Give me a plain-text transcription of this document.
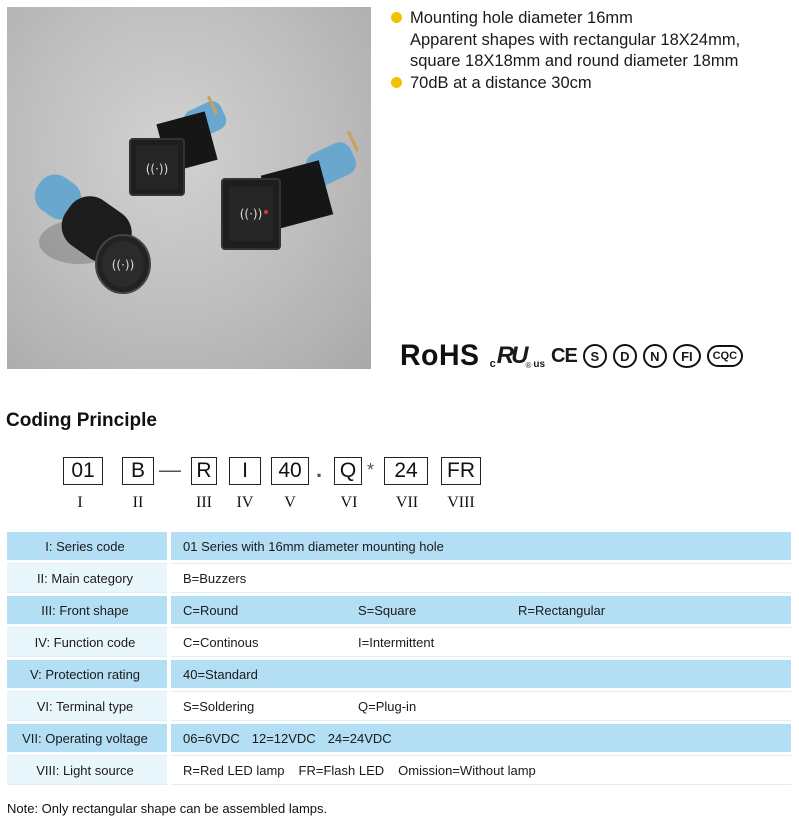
((·))
((·))
((·))
Mounting hole diameter 16mm
Apparent shapes with rectangular 18X24mm,
square 18X18mm and round diameter 18mm
70dB at a distance 30cm
RoHS c RU ® us CE	S	D	N	FI	CQC
Coding Principle
01	B — R	I	40 . Q * 24	FR
I	II	III	IV	V	VI	VII	VIII
I: Series code		01 Series with 16mm diameter mounting hole
II: Main category		B=Buzzers
III: Front shape		C=Round S=Square R=Rectangular
IV: Function code		C=Continous I=Intermittent
V: Protection rating		40=Standard
VI: Terminal type		S=Soldering Q=Plug-in
VII: Operating voltage		06=6VDC 12=12VDC 24=24VDC
VIII: Light source		R=Red LED lamp FR=Flash LED Omission=Without lamp
Note: Only rectangular shape can be assembled lamps.
